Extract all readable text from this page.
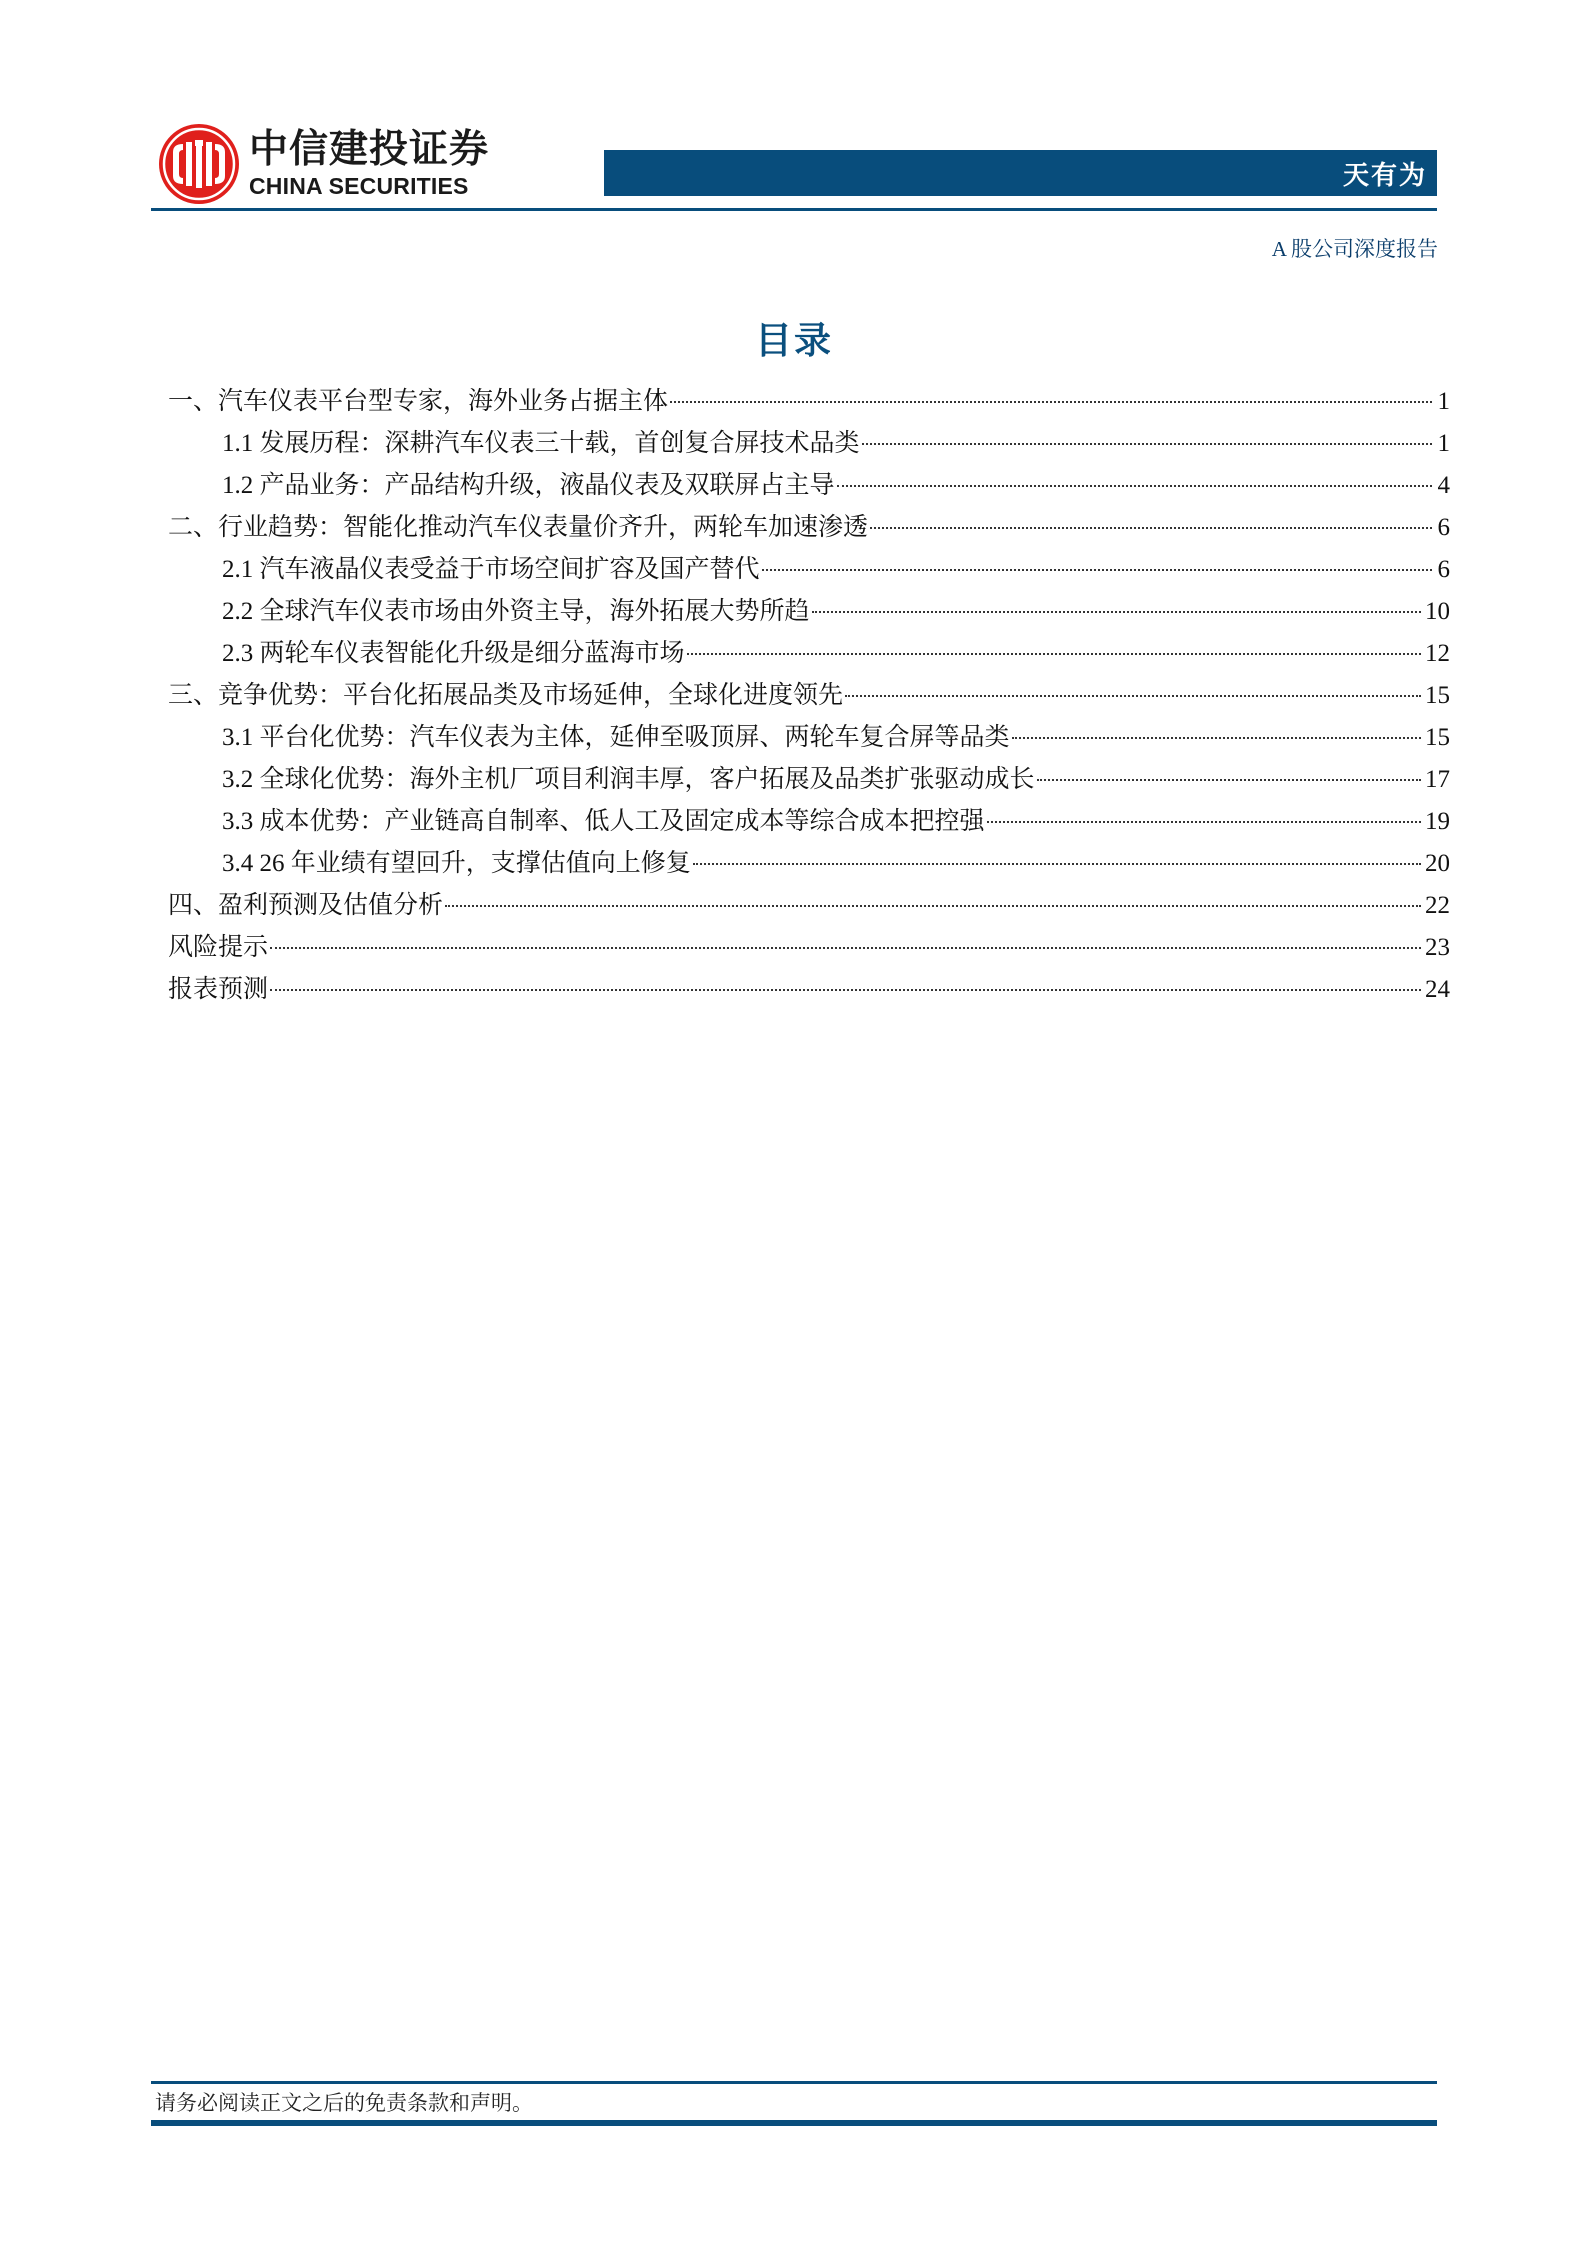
中信建投证券
CHINA SECURITIES	天有为
A 股公司深度报告
目录
一、汽车仪表平台型专家，海外业务占据主体	1
1.1 发展历程：深耕汽车仪表三十载，首创复合屏技术品类	1
1.2 产品业务：产品结构升级，液晶仪表及双联屏占主导	4
二、行业趋势：智能化推动汽车仪表量价齐升，两轮车加速渗透	6
2.1 汽车液晶仪表受益于市场空间扩容及国产替代	6
2.2 全球汽车仪表市场由外资主导，海外拓展大势所趋	10
2.3 两轮车仪表智能化升级是细分蓝海市场	12
三、竞争优势：平台化拓展品类及市场延伸，全球化进度领先	15
3.1 平台化优势：汽车仪表为主体，延伸至吸顶屏、两轮车复合屏等品类	15
3.2 全球化优势：海外主机厂项目利润丰厚，客户拓展及品类扩张驱动成长	17
3.3 成本优势：产业链高自制率、低人工及固定成本等综合成本把控强	19
3.4 26 年业绩有望回升，支撑估值向上修复	20
四、盈利预测及估值分析	22
风险提示	23
报表预测	24
请务必阅读正文之后的免责条款和声明。
